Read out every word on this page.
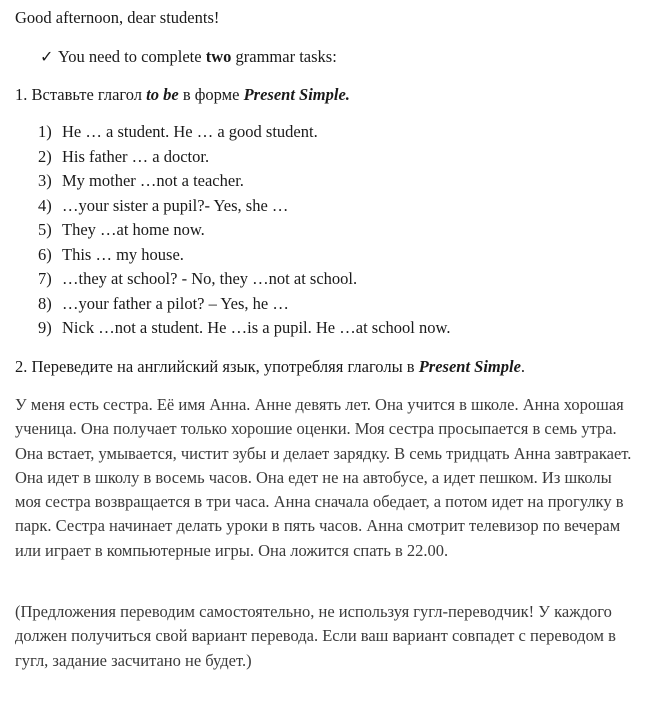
Good afternoon, dear students!
✓ You need to complete two grammar tasks:
1. Вставьте глагол to be в форме Present Simple.
1) He … a student. He … a good student.
2) His father … a doctor.
3) My mother …not a teacher.
4) …your sister a pupil?- Yes, she …
5) They …at home now.
6) This … my house.
7) …they at school? - No, they …not at school.
8) …your father a pilot? – Yes, he …
9) Nick …not a student. He …is a pupil. He …at school now.
2. Переведите на английский язык, употребляя глаголы в Present Simple.
У меня есть сестра. Её имя Анна. Анне девять лет. Она учится в школе. Анна хорошая ученица. Она получает только хорошие оценки. Моя сестра просыпается в семь утра. Она встает, умывается, чистит зубы и делает зарядку. В семь тридцать Анна завтракает. Она идет в школу в восемь часов. Она едет не на автобусе, а идет пешком. Из школы моя сестра возвращается в три часа. Анна сначала обедает, а потом идет на прогулку в парк. Сестра начинает делать уроки в пять часов. Анна смотрит телевизор по вечерам или играет в компьютерные игры. Она ложится спать в 22.00.
(Предложения переводим самостоятельно, не используя гугл-переводчик! У каждого должен получиться свой вариант перевода. Если ваш вариант совпадет с переводом в гугл, задание засчитано не будет.)
